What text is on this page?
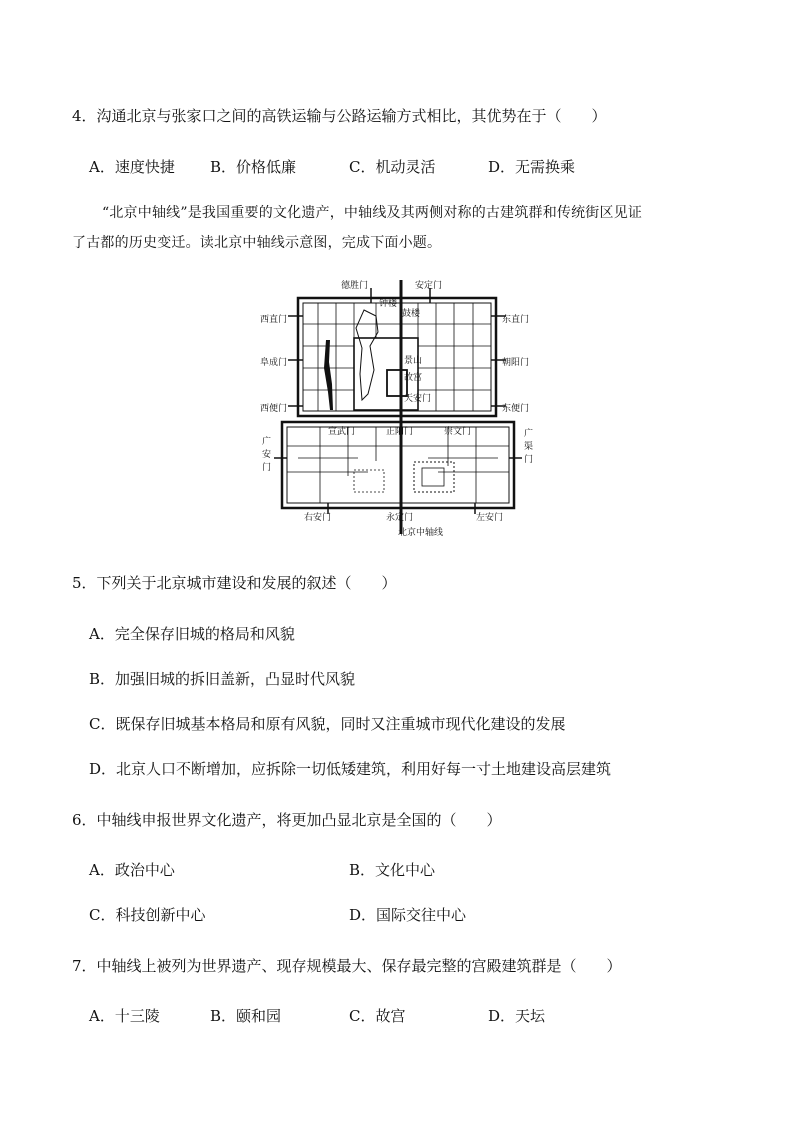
4．沟通北京与张家口之间的高铁运输与公路运输方式相比，其优势在于（　　）
A．速度快捷 B．价格低廉	C．机动灵活	D．无需换乘
“北京中轴线”是我国重要的文化遗产，中轴线及其两侧对称的古建筑群和传统街区见证
了古都的历史变迁。读北京中轴线示意图，完成下面小题。
德胜门	安定门
钟楼
鼓楼
西直门	东直门
阜成门	朝阳门
景山
故宫
天安门
西便门	东便门
宣武门	正阳门	崇文门
广
安
门
广
渠
门
右安门	永定门	左安门
北京中轴线
5．下列关于北京城市建设和发展的叙述（　　）
A．完全保存旧城的格局和风貌
B．加强旧城的拆旧盖新，凸显时代风貌
C．既保存旧城基本格局和原有风貌，同时又注重城市现代化建设的发展
D．北京人口不断增加，应拆除一切低矮建筑，利用好每一寸土地建设高层建筑
6．中轴线申报世界文化遗产，将更加凸显北京是全国的（　　）
A．政治中心	B．文化中心
C．科技创新中心	D．国际交往中心
7．中轴线上被列为世界遗产、现存规模最大、保存最完整的宫殿建筑群是（　　）
A．十三陵	B．颐和园	C．故宫	D．天坛
